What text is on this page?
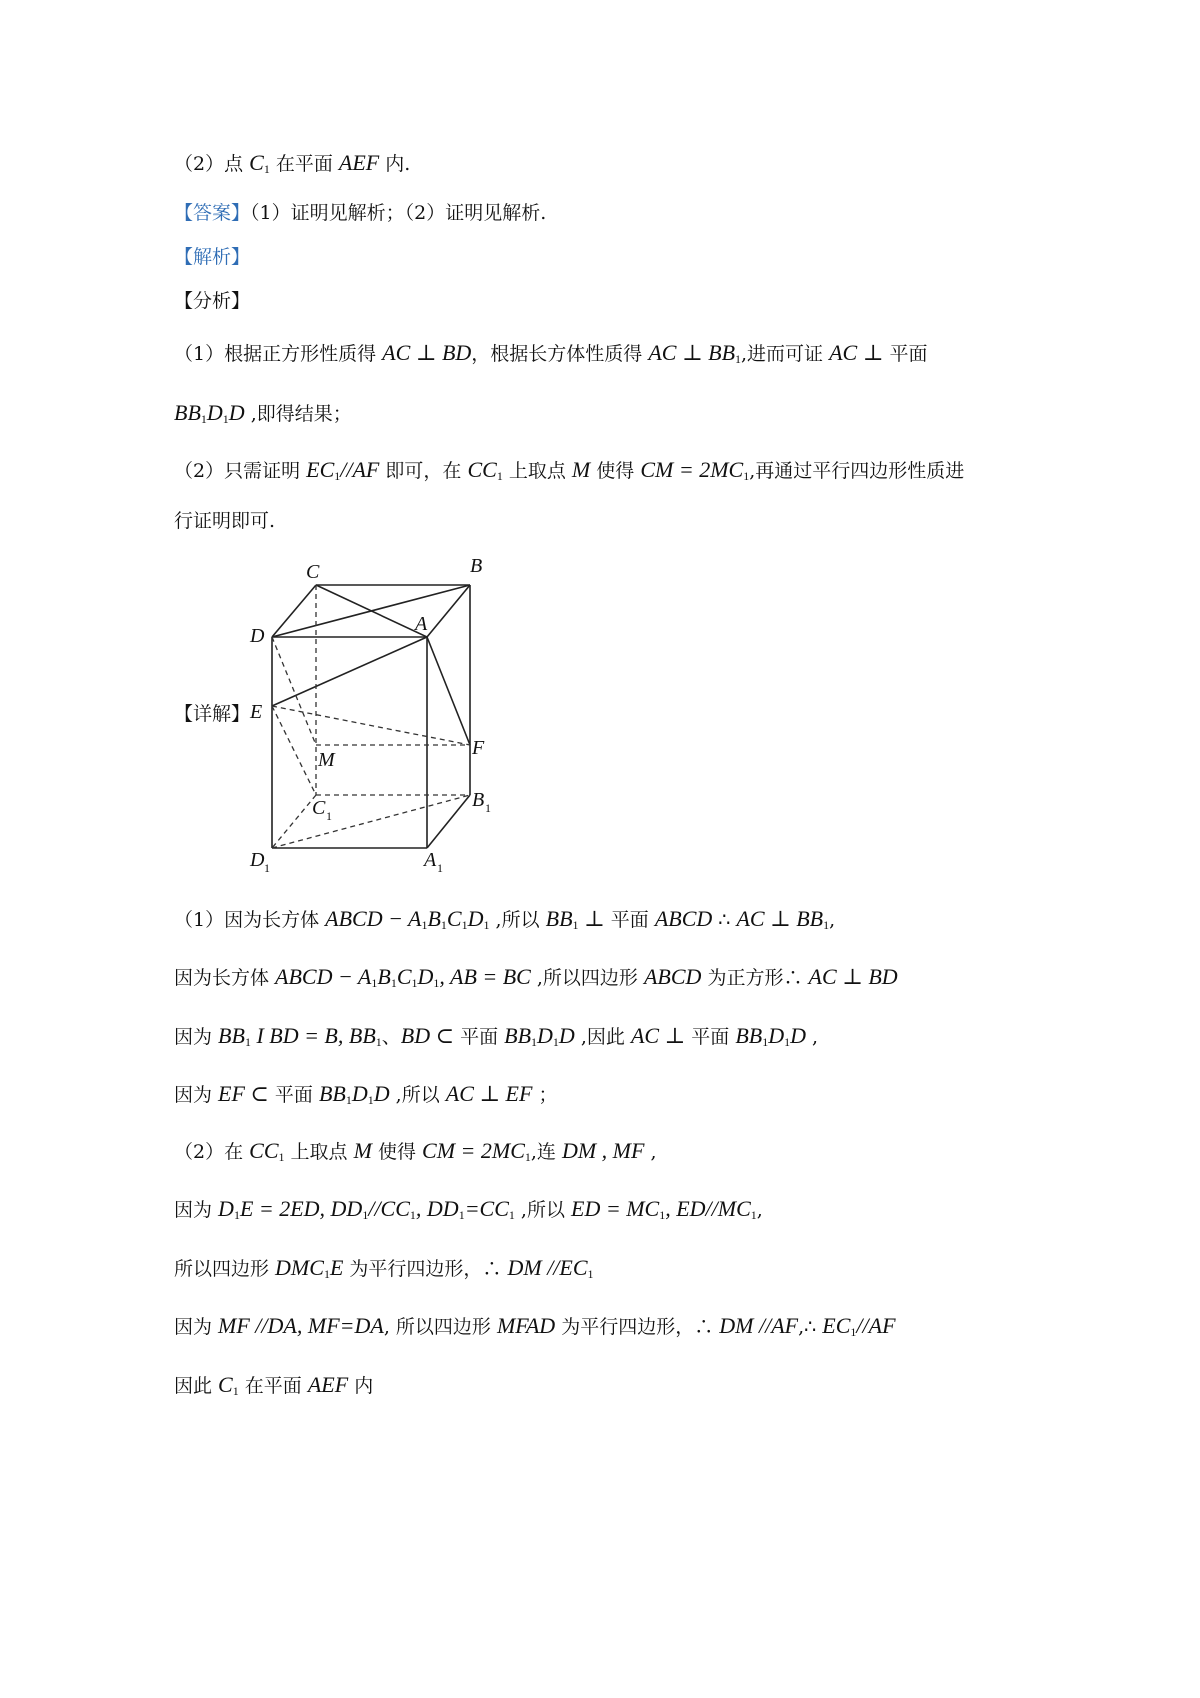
（2）点 $C_1$ 在平面 AEF 内.
【答案】（1）证明见解析；（2）证明见解析.
【解析】
【分析】
（1）根据正方形性质得 AC ⊥ BD，根据长方体性质得 AC ⊥ $BB_1$,进而可证 AC ⊥ 平面
$BB_1D_1D$ ,即得结果；
（2）只需证明 $EC_1//AF$ 即可，在 $CC_1$ 上取点 M 使得 CM = $2MC_1$,再通过平行四边形性质进
行证明即可.
【详解】
（1）因为长方体 ABCD − $A_1B_1C_1D_1$ ,所以 $BB_1$ ⊥ 平面 ABCD ∴ AC ⊥ $BB_1$,
因为长方体 ABCD − $A_1B_1C_1D_1$, AB = BC ,所以四边形 ABCD 为正方形∴ AC ⊥ BD
因为 $BB_1$ I BD = B, $BB_1$、BD ⊂ 平面 $BB_1D_1D$ ,因此 AC ⊥ 平面 $BB_1D_1D$ ,
因为 EF ⊂ 平面 $BB_1D_1D$ ,所以 AC ⊥ EF ；
（2）在 $CC_1$ 上取点 M 使得 CM = $2MC_1$,连 DM , MF ,
因为 $D_1E = 2ED$, $DD_1//CC_1$, $DD_1=CC_1$ ,所以 ED = $MC_1$, $ED//MC_1$,
所以四边形 $DMC_1E$ 为平行四边形，∴ DM $//EC_1$
因为 MF //DA, MF=DA, 所以四边形 MFAD 为平行四边形，∴ DM //AF,∴ $EC_1//AF$
因此 $C_1$ 在平面 AEF 内
C	B
D
A
E
F
M
C 1
B 1
D 1	A 1
